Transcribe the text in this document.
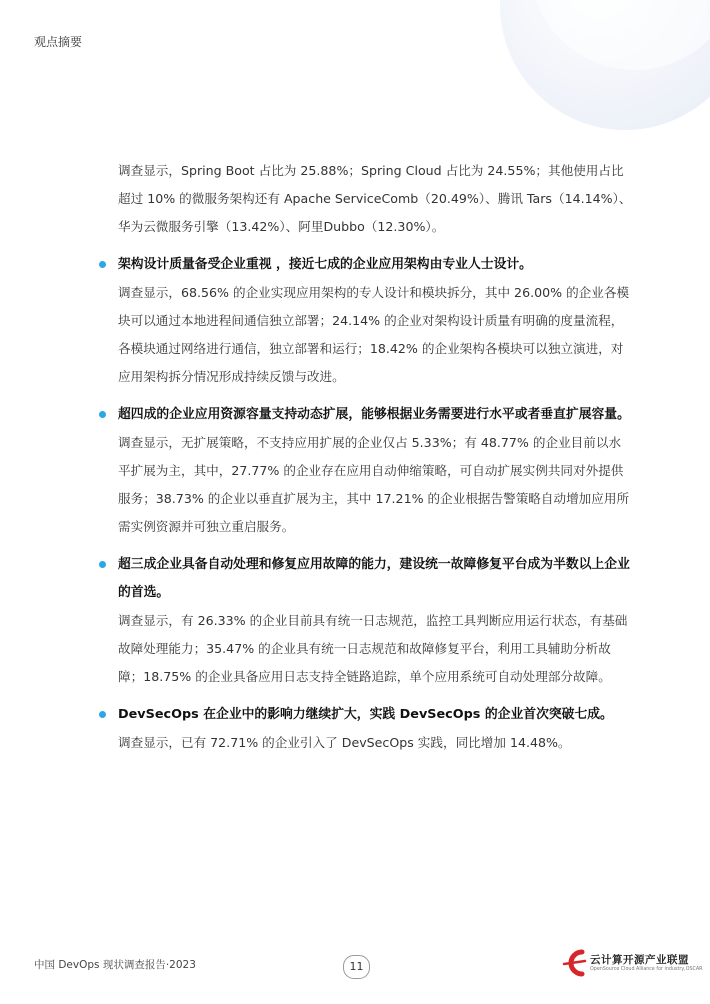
观点摘要

调查显示，Spring Boot 占比为 25.88%；Spring Cloud 占比为 24.55%；其他使用占比超过 10% 的微服务架构还有 Apache ServiceComb（20.49%）、腾讯 Tars（14.14%）、华为云微服务引擎（13.42%）、阿里Dubbo（12.30%）。

架构设计质量备受企业重视 ，接近七成的企业应用架构由专业人士设计。

调查显示，68.56% 的企业实现应用架构的专人设计和模块拆分，其中 26.00% 的企业各模块可以通过本地进程间通信独立部署；24.14% 的企业对架构设计质量有明确的度量流程，各模块通过网络进行通信，独立部署和运行；18.42% 的企业架构各模块可以独立演进，对应用架构拆分情况形成持续反馈与改进。

超四成的企业应用资源容量支持动态扩展，能够根据业务需要进行水平或者垂直扩展容量。

调查显示，无扩展策略，不支持应用扩展的企业仅占 5.33%；有 48.77% 的企业目前以水平扩展为主，其中，27.77% 的企业存在应用自动伸缩策略，可自动扩展实例共同对外提供服务；38.73% 的企业以垂直扩展为主，其中 17.21% 的企业根据告警策略自动增加应用所需实例资源并可独立重启服务。

超三成企业具备自动处理和修复应用故障的能力，建设统一故障修复平台成为半数以上企业的首选。

调查显示，有 26.33% 的企业目前具有统一日志规范，监控工具判断应用运行状态，有基础故障处理能力；35.47% 的企业具有统一日志规范和故障修复平台，利用工具辅助分析故障；18.75% 的企业具备应用日志支持全链路追踪，单个应用系统可自动处理部分故障。

DevSecOps 在企业中的影响力继续扩大，实践 DevSecOps 的企业首次突破七成。

调查显示，已有 72.71% 的企业引入了 DevSecOps 实践，同比增加 14.48%。

中国 DevOps 现状调查报告·2023	11	云计算开源产业联盟
OpenSource Cloud Alliance for industry,OSCAR
